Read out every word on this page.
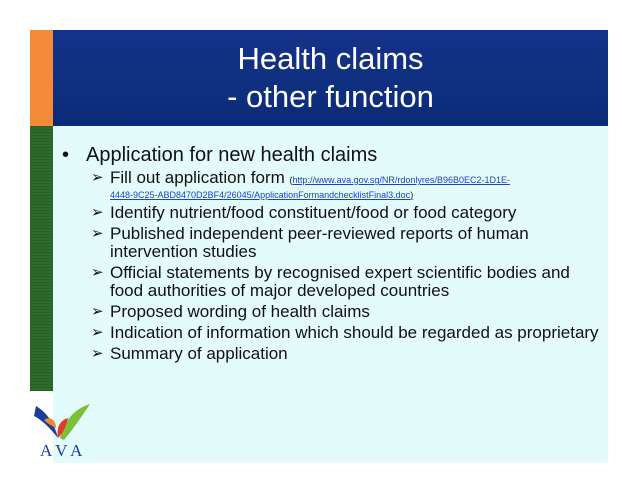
Health claims
- other function
• Application for new health claims
➢ Fill out application form (http://www.ava.gov.sg/NR/rdonlyres/B96B0EC2-1D1E-
4448-9C25-ABD8470D2BF4/26045/ApplicationFormandchecklistFinal3.doc)
➢ Identify nutrient/food constituent/food or food category
➢ Published independent peer-reviewed reports of human intervention studies
➢ Official statements by recognised expert scientific bodies and food authorities of major developed countries
➢ Proposed wording of health claims
➢ Indication of information which should be regarded as proprietary
➢ Summary of application
AVA
